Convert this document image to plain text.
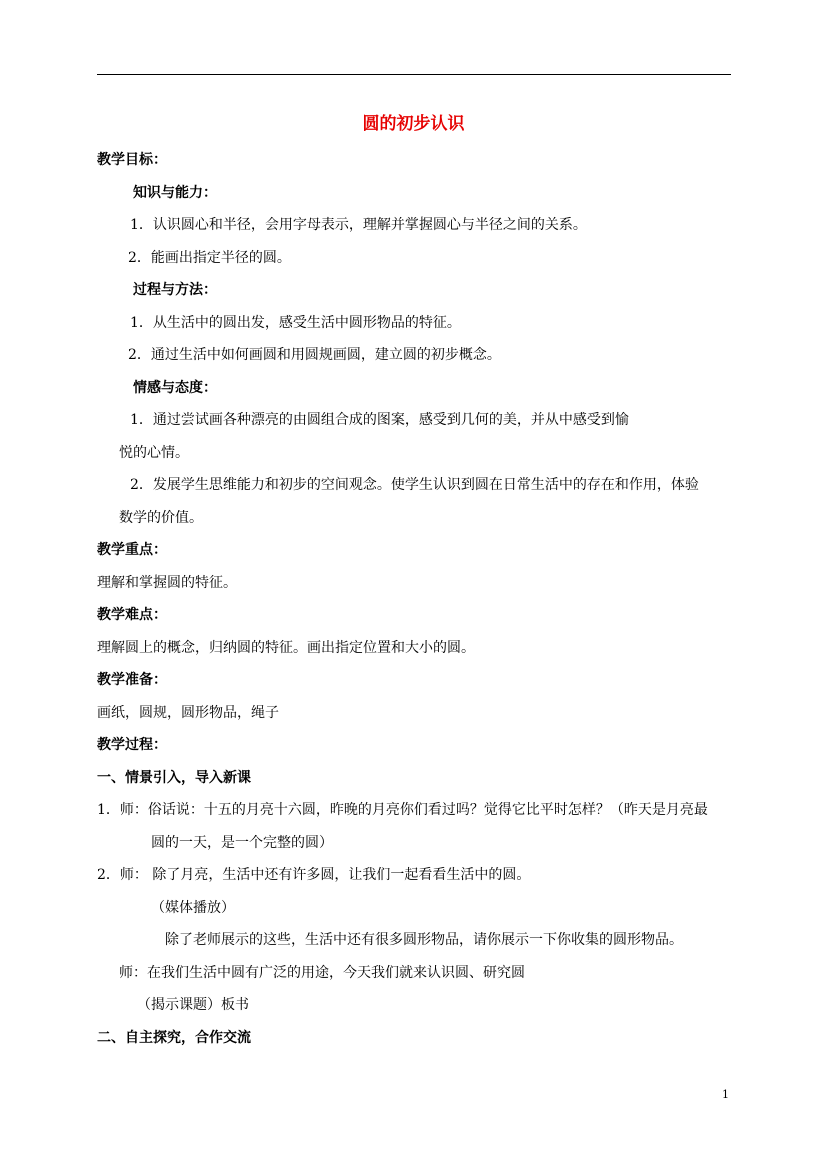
圆的初步认识
教学目标：
知识与能力：
1．认识圆心和半径，会用字母表示，理解并掌握圆心与半径之间的关系。
2．能画出指定半径的圆。
过程与方法：
1．从生活中的圆出发，感受生活中圆形物品的特征。
2．通过生活中如何画圆和用圆规画圆，建立圆的初步概念。
情感与态度：
1．通过尝试画各种漂亮的由圆组合成的图案，感受到几何的美，并从中感受到愉
悦的心情。
2．发展学生思维能力和初步的空间观念。使学生认识到圆在日常生活中的存在和作用，体验
数学的价值。
教学重点：
理解和掌握圆的特征。
教学难点：
理解圆上的概念，归纳圆的特征。画出指定位置和大小的圆。
教学准备：
画纸，圆规，圆形物品，绳子
教学过程：
一、情景引入，导入新课
1．师：俗话说：十五的月亮十六圆，昨晚的月亮你们看过吗？觉得它比平时怎样？（昨天是月亮最
圆的一天，是一个完整的圆）
2．师： 除了月亮，生活中还有许多圆，让我们一起看看生活中的圆。
（媒体播放）
除了老师展示的这些，生活中还有很多圆形物品，请你展示一下你收集的圆形物品。
师：在我们生活中圆有广泛的用途，今天我们就来认识圆、研究圆
（揭示课题）板书
二、自主探究，合作交流
1
